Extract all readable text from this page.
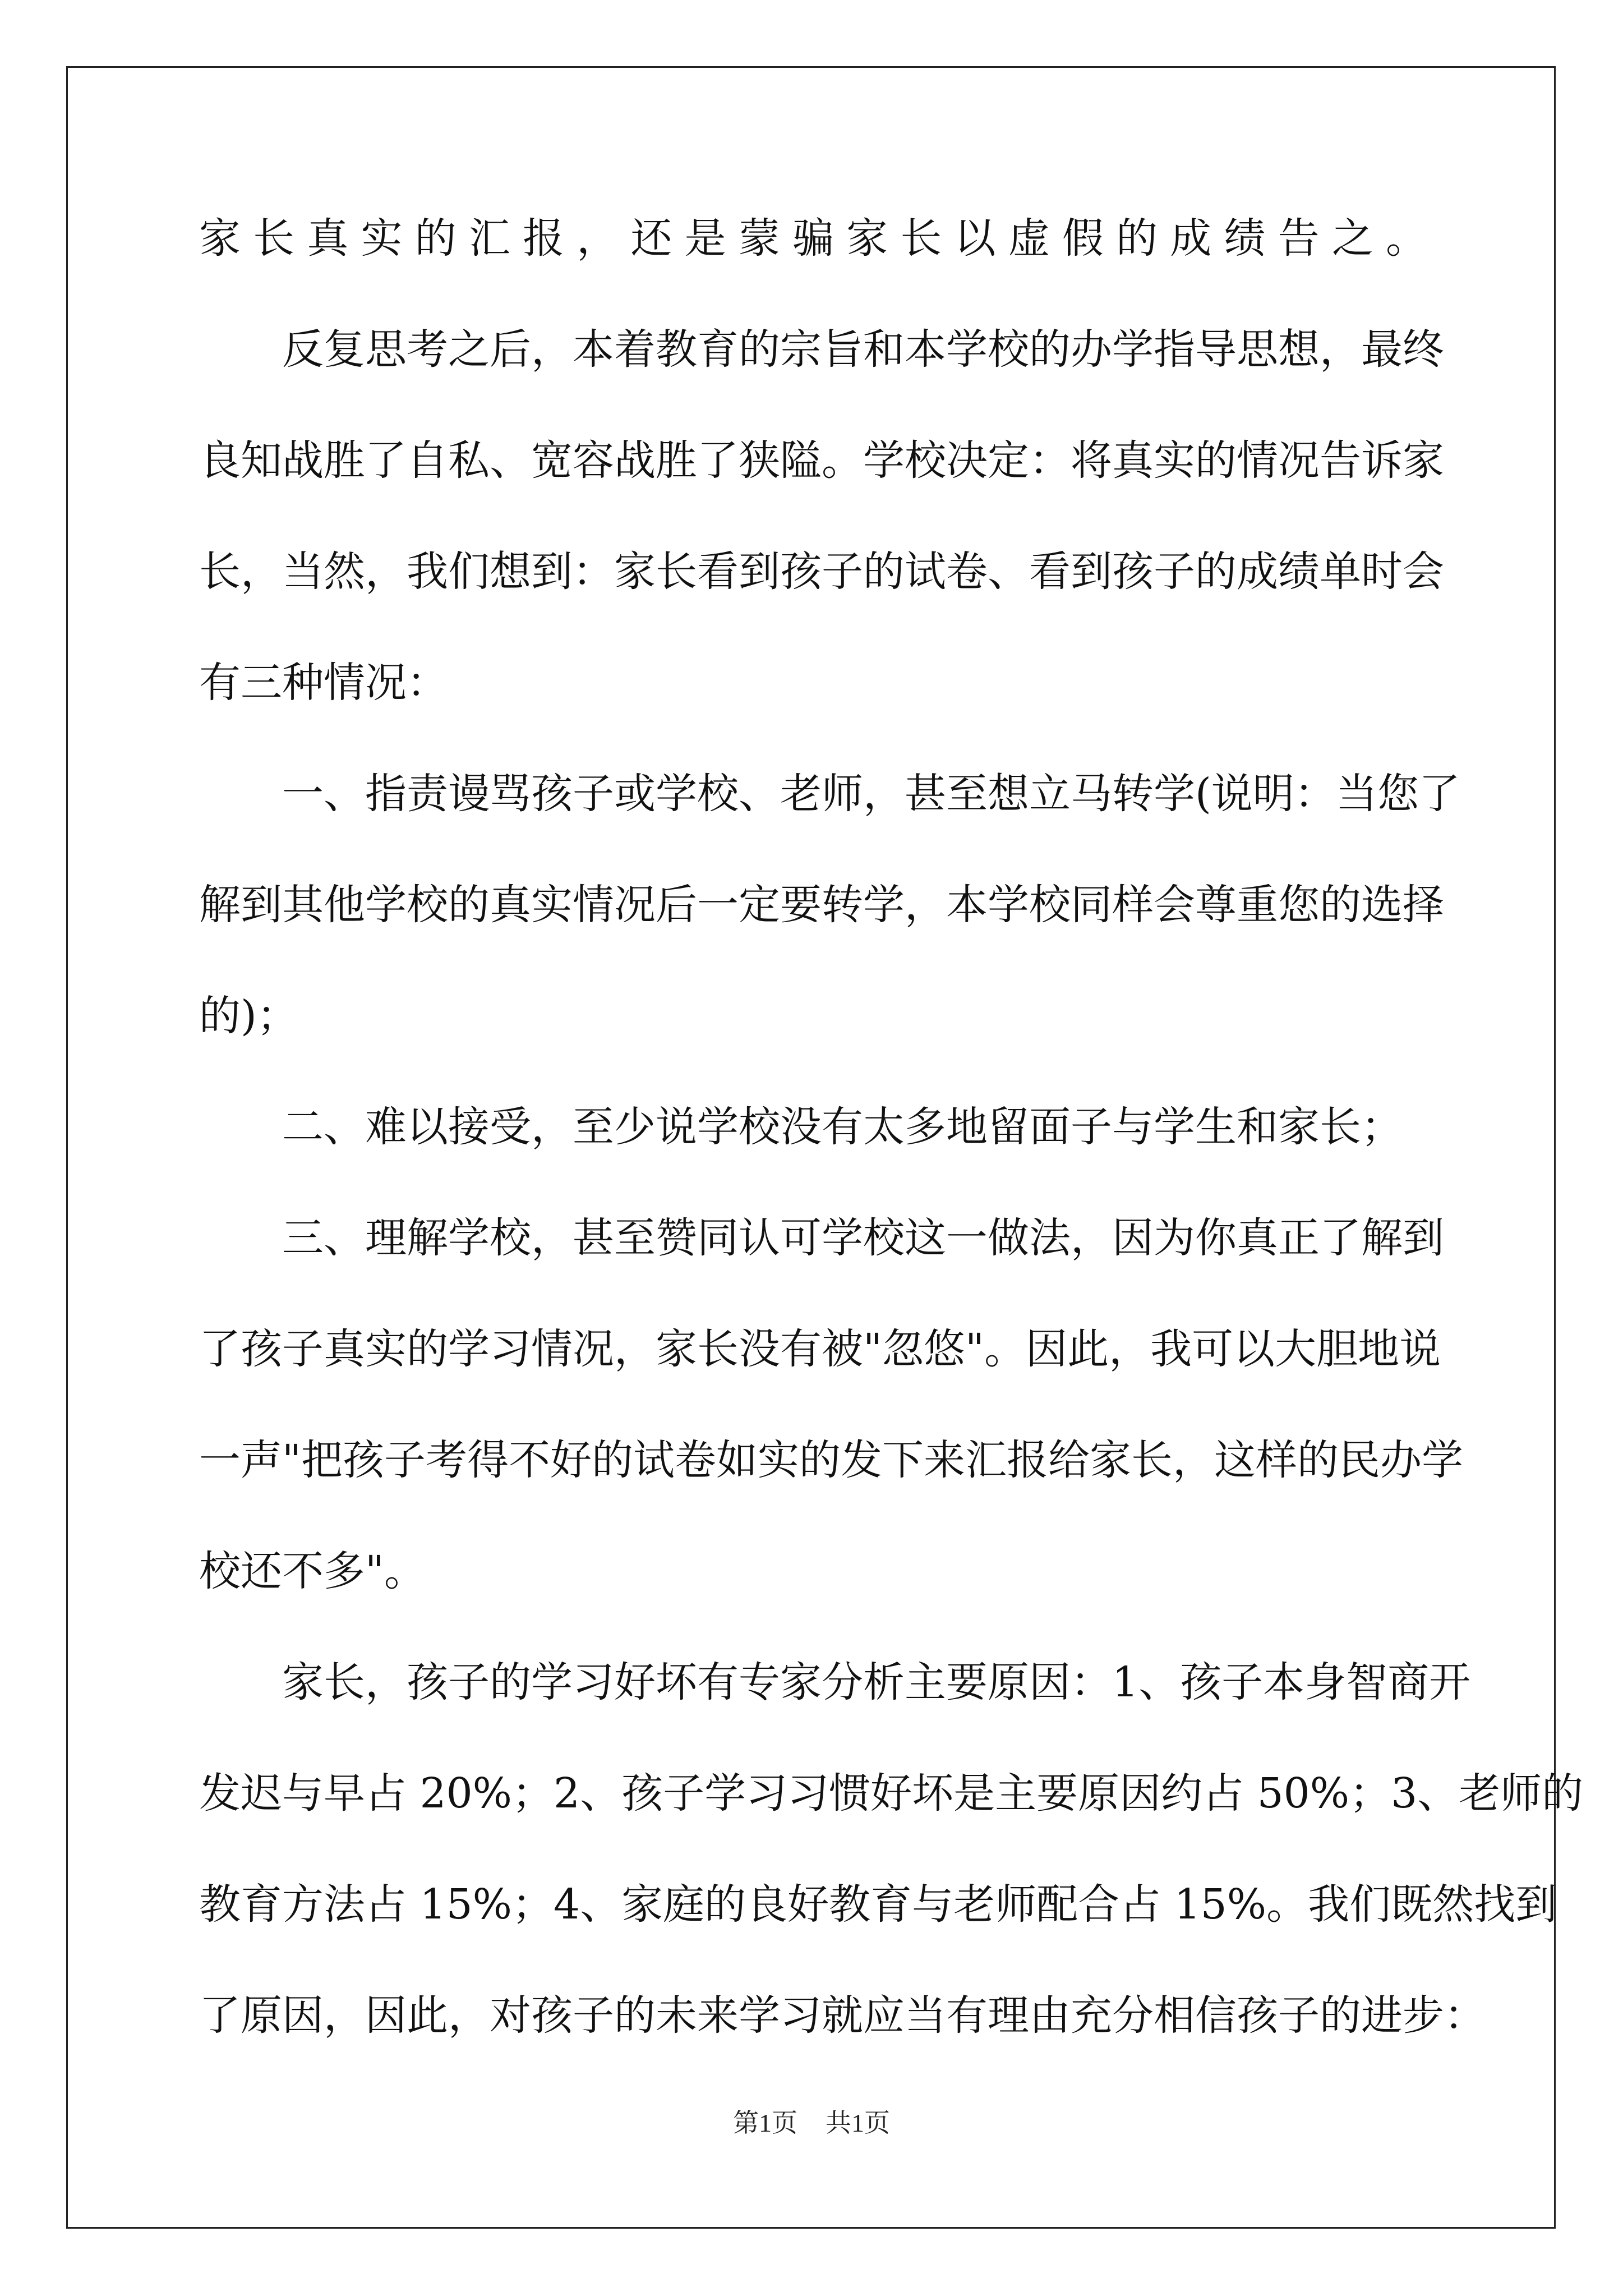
家长真实的汇报，还是蒙骗家长以虚假的成绩告之。
反复思考之后，本着教育的宗旨和本学校的办学指导思想，最终
良知战胜了自私、宽容战胜了狭隘。学校决定：将真实的情况告诉家
长，当然，我们想到：家长看到孩子的试卷、看到孩子的成绩单时会
有三种情况：
一、指责谩骂孩子或学校、老师，甚至想立马转学(说明：当您了
解到其他学校的真实情况后一定要转学，本学校同样会尊重您的选择
的)；
二、难以接受，至少说学校没有太多地留面子与学生和家长；
三、理解学校，甚至赞同认可学校这一做法，因为你真正了解到
了孩子真实的学习情况，家长没有被"忽悠"。因此，我可以大胆地说
一声"把孩子考得不好的试卷如实的发下来汇报给家长，这样的民办学
校还不多"。
家长，孩子的学习好坏有专家分析主要原因：1、孩子本身智商开
发迟与早占 20%；2、孩子学习习惯好坏是主要原因约占 50%；3、老师的
教育方法占 15%；4、家庭的良好教育与老师配合占 15%。我们既然找到
了原因，因此，对孩子的未来学习就应当有理由充分相信孩子的进步：
第1页 共1页
